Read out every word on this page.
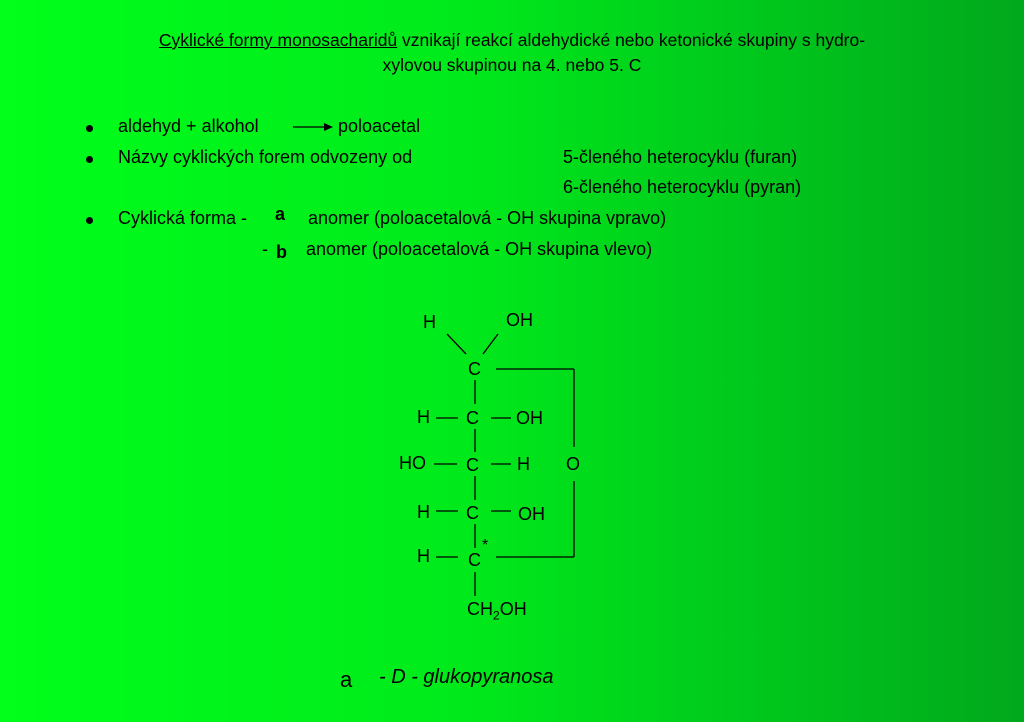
Cyklické formy monosacharidů vznikají reakcí aldehydické nebo ketonické skupiny s hydro-
xylovou skupinou na 4. nebo 5. C
aldehyd + alkohol	poloacetal
Názvy cyklických forem odvozeny od	5-členého heterocyklu (furan)
6-členého heterocyklu (pyran)
Cyklická forma - a anomer (poloacetalová - OH skupina vpravo)
- b anomer (poloacetalová - OH skupina vlevo)
H	OH
C
H C OH
HO C H O
H C OH
H C
*
$CH_2OH$
a - D - glukopyranosa
